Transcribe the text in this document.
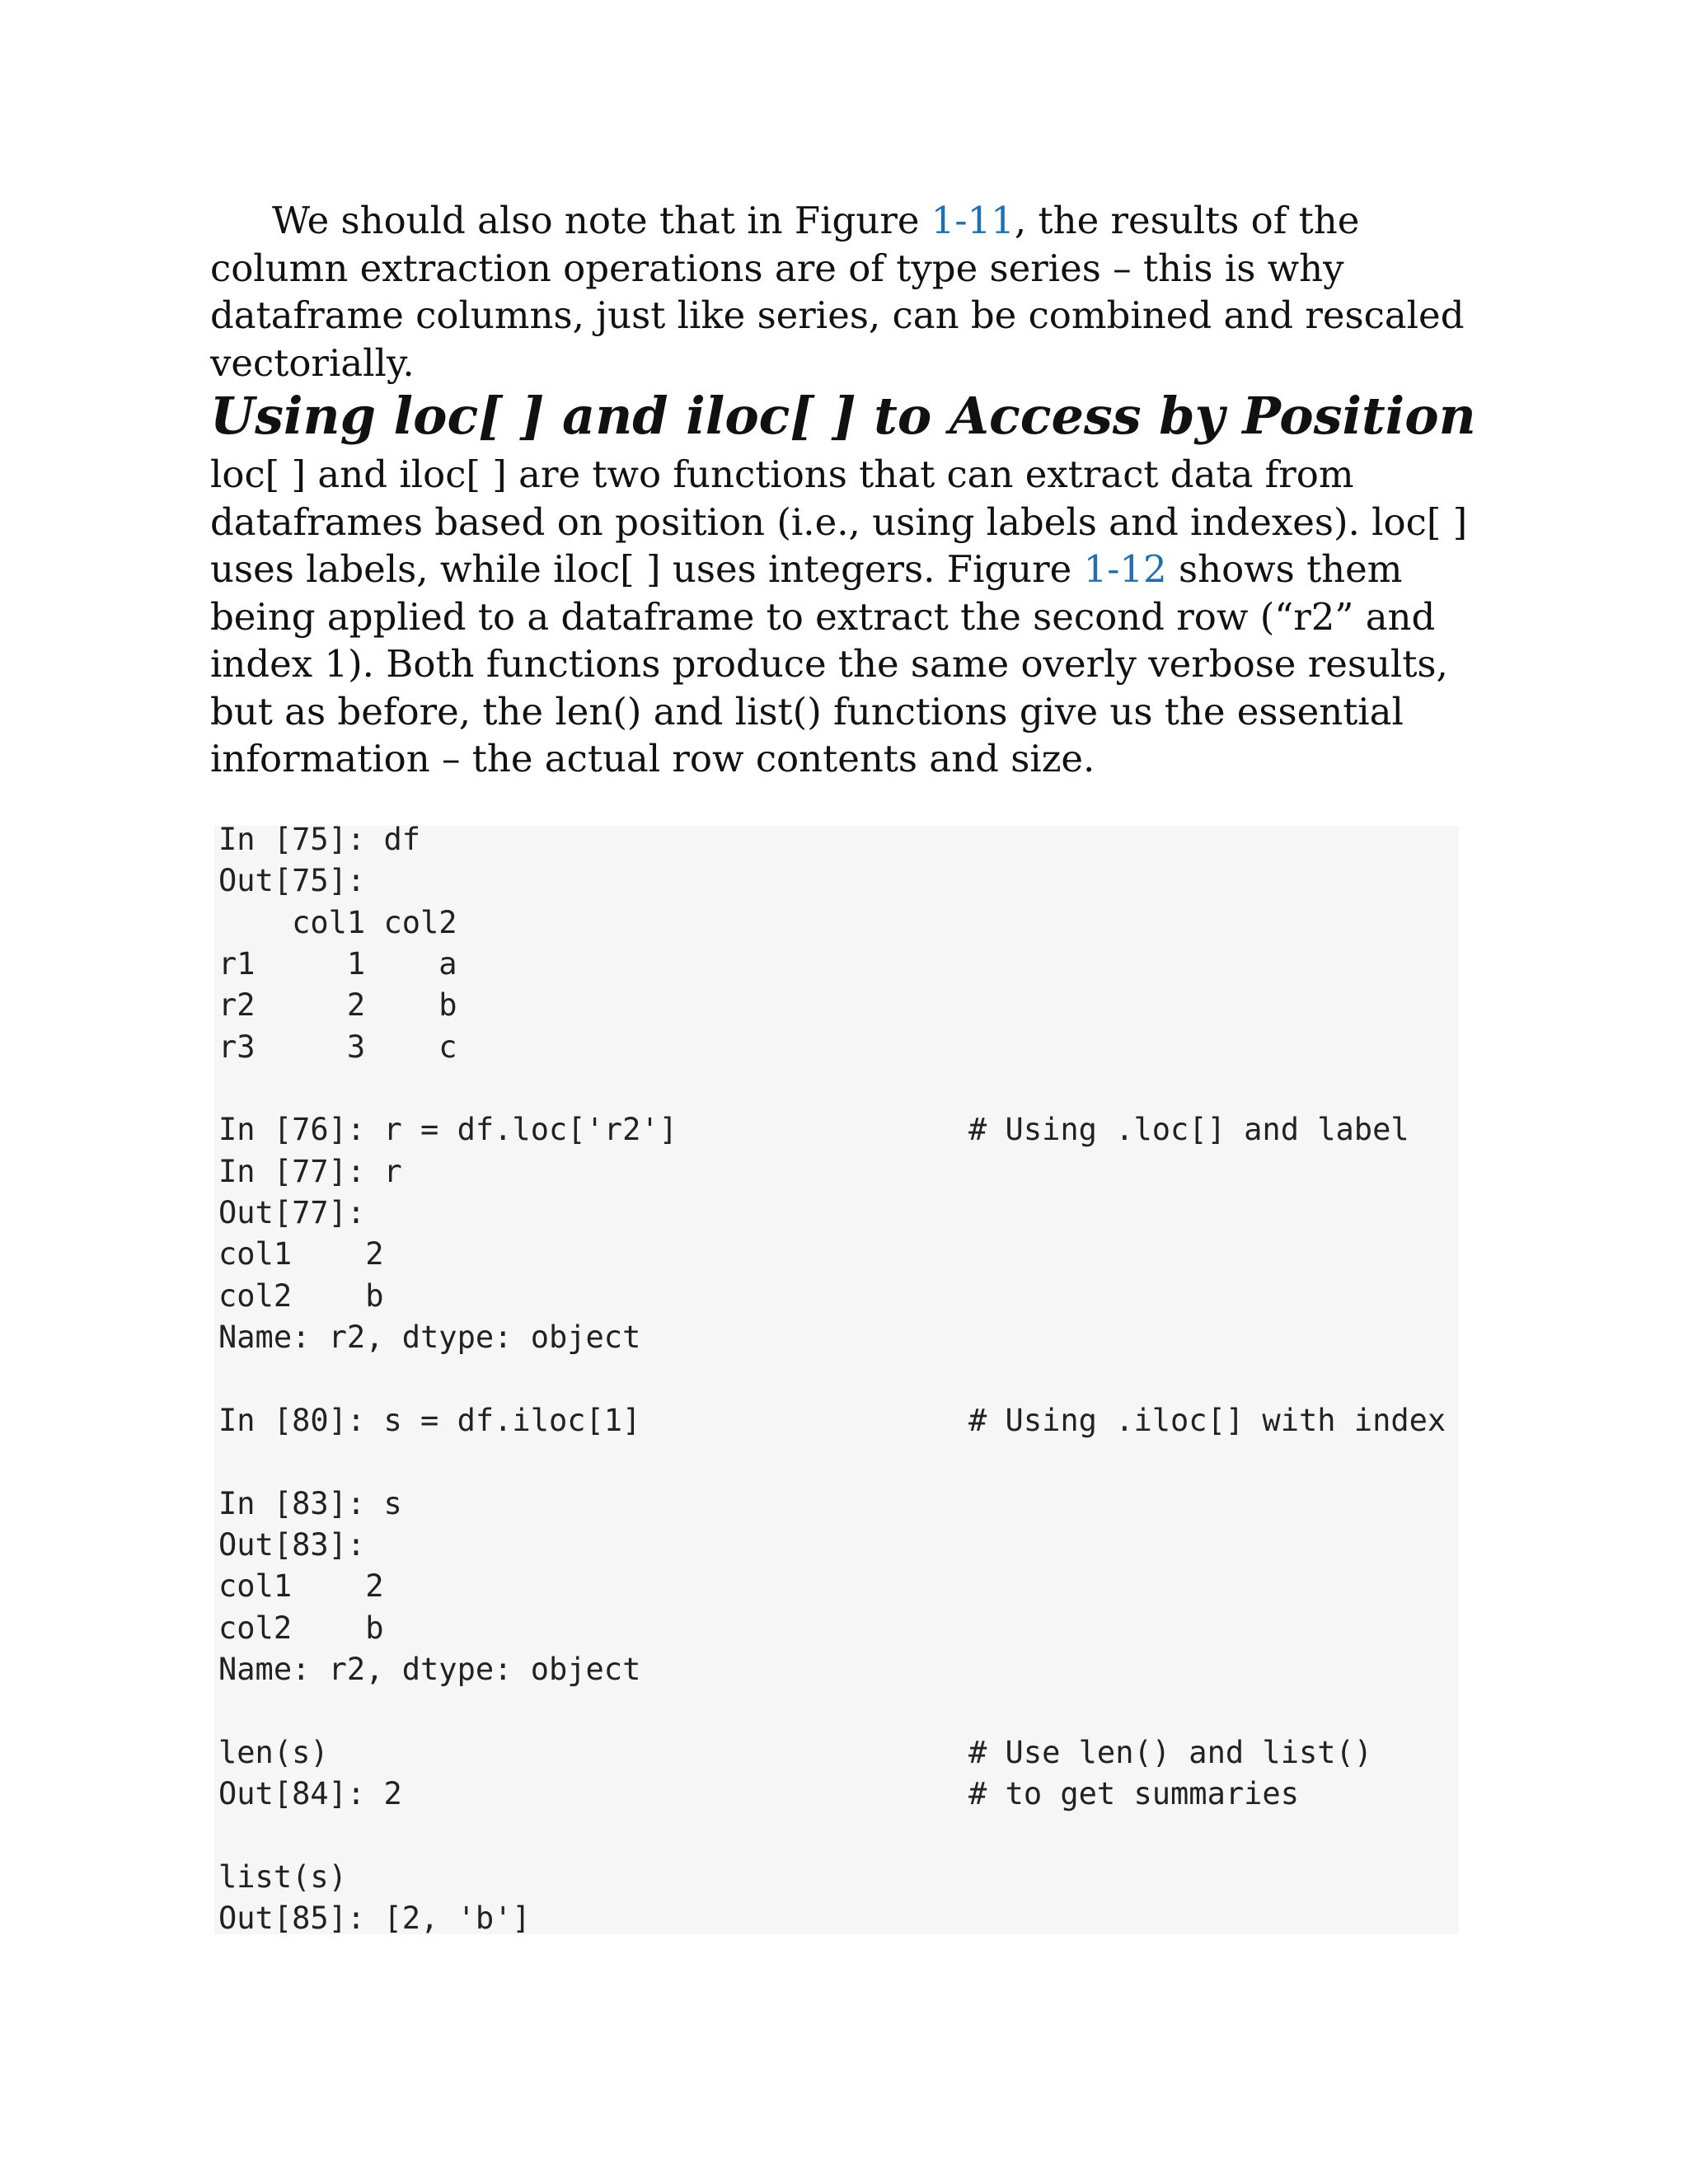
We should also note that in Figure 1-11, the results of the column extraction operations are of type series – this is why dataframe columns, just like series, can be combined and rescaled vectorially.
Using loc[ ] and iloc[ ] to Access by Position
loc[ ] and iloc[ ] are two functions that can extract data from dataframes based on position (i.e., using labels and indexes). loc[ ] uses labels, while iloc[ ] uses integers. Figure 1-12 shows them being applied to a dataframe to extract the second row (“r2” and index 1). Both functions produce the same overly verbose results, but as before, the len() and list() functions give us the essential information – the actual row contents and size.
In [75]: df
Out[75]:
col1 col2
r1     1    a
r2     2    b
r3     3    c
In [76]: r = df.loc['r2']	# Using .loc[] and label
In [77]: r
Out[77]:
col1    2
col2    b
Name: r2, dtype: object
In [80]: s = df.iloc[1]	# Using .iloc[] with index
In [83]: s
Out[83]:
col1    2
col2    b
Name: r2, dtype: object
len(s)	# Use len() and list()
Out[84]: 2	# to get summaries
list(s)
Out[85]: [2, 'b']
